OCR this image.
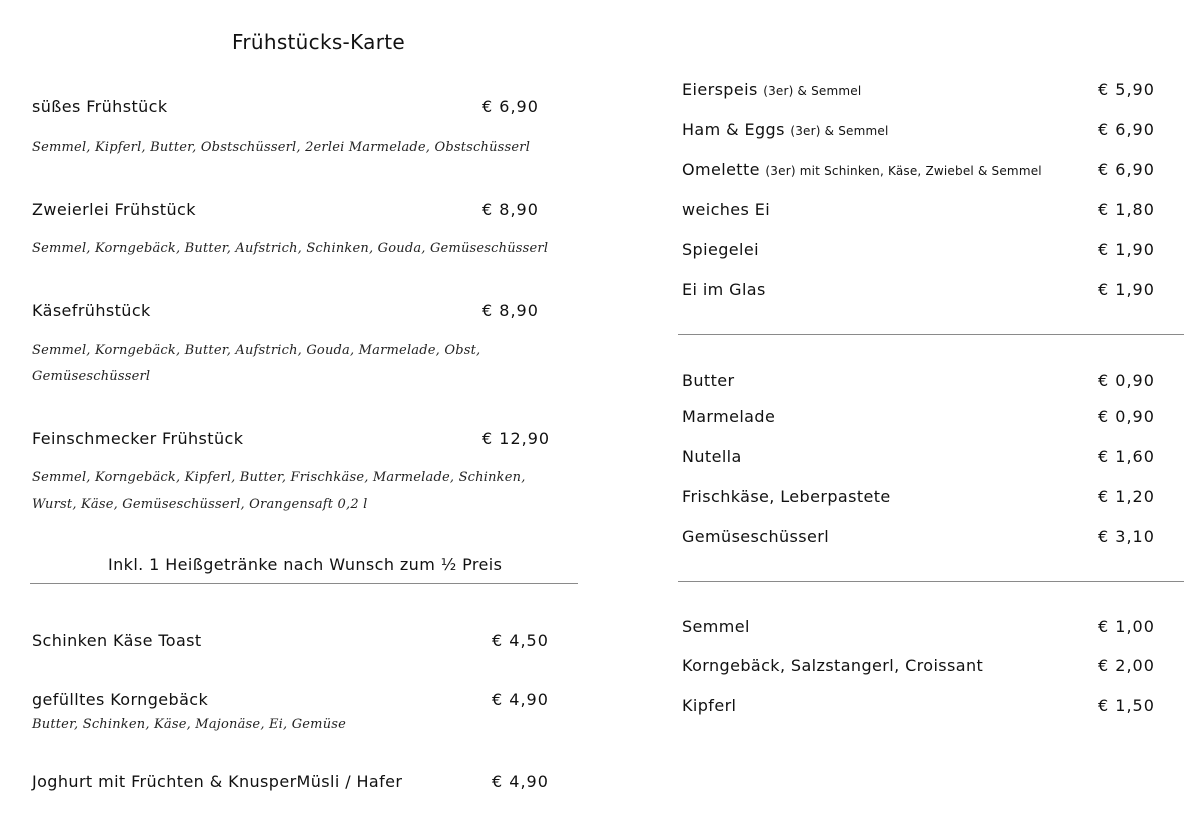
Frühstücks-Karte
süßes Frühstück	€ 6,90
Semmel, Kipferl, Butter, Obstschüsserl, 2erlei Marmelade, Obstschüsserl
Zweierlei Frühstück	€ 8,90
Semmel, Korngebäck, Butter, Aufstrich, Schinken, Gouda, Gemüseschüsserl
Käsefrühstück	€ 8,90
Semmel, Korngebäck, Butter, Aufstrich, Gouda, Marmelade, Obst,
Gemüseschüsserl
Feinschmecker Frühstück	€ 12,90
Semmel, Korngebäck, Kipferl, Butter, Frischkäse, Marmelade, Schinken,
Wurst, Käse, Gemüseschüsserl, Orangensaft 0,2 l
Inkl. 1 Heißgetränke nach Wunsch zum ½ Preis
Schinken Käse Toast	€ 4,50
gefülltes Korngebäck	€ 4,90
Butter, Schinken, Käse, Majonäse, Ei, Gemüse
Joghurt mit Früchten & KnusperMüsli / Hafer	€ 4,90
Eierspeis (3er) & Semmel	€ 5,90
Ham & Eggs (3er) & Semmel	€ 6,90
Omelette (3er) mit Schinken, Käse, Zwiebel & Semmel	€ 6,90
weiches Ei	€ 1,80
Spiegelei	€ 1,90
Ei im Glas	€ 1,90
Butter	€ 0,90
Marmelade	€ 0,90
Nutella	€ 1,60
Frischkäse, Leberpastete	€ 1,20
Gemüseschüsserl	€ 3,10
Semmel	€ 1,00
Korngebäck, Salzstangerl, Croissant	€ 2,00
Kipferl	€ 1,50
